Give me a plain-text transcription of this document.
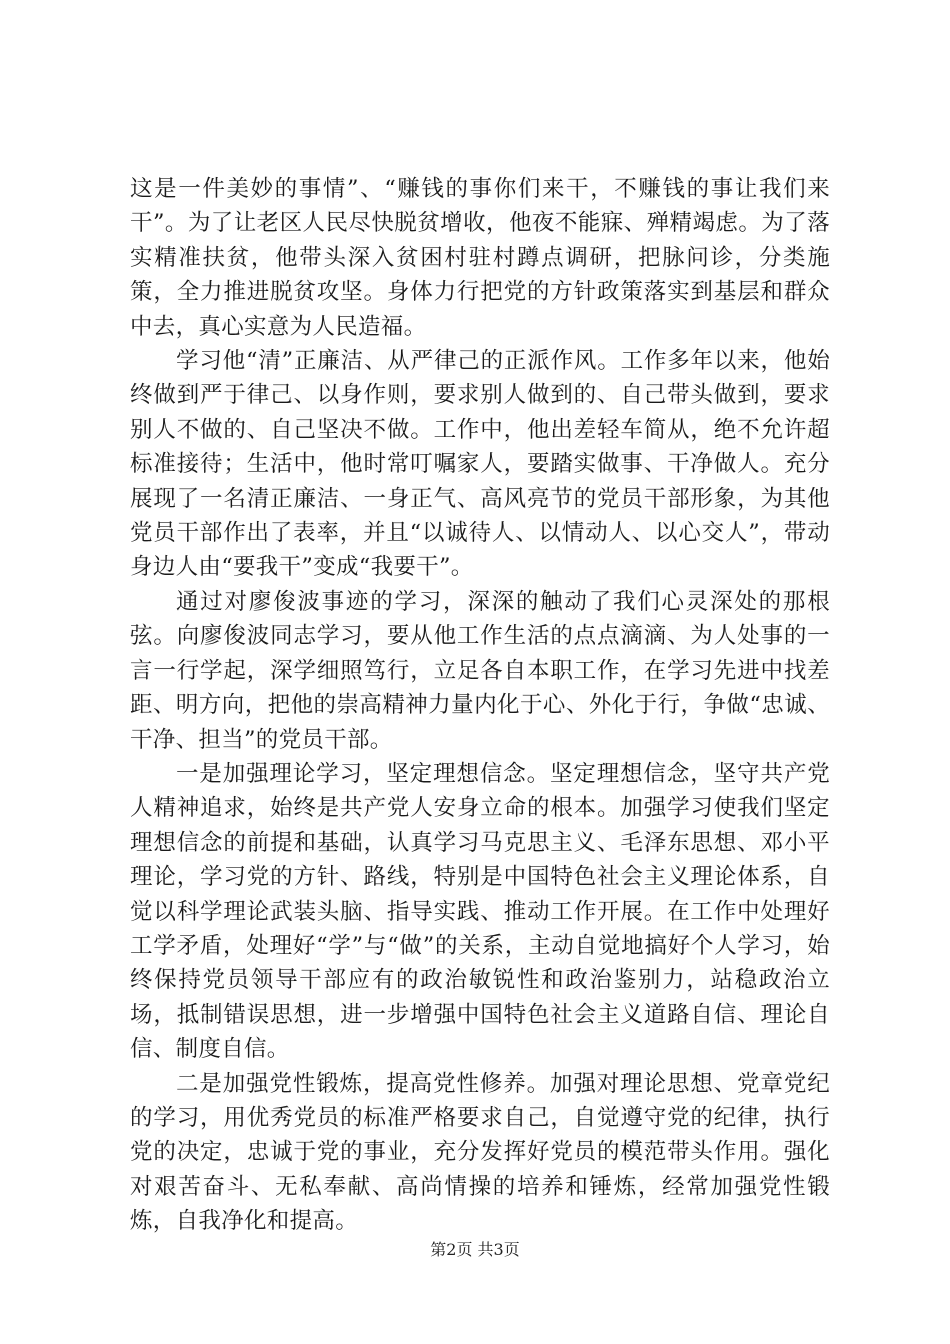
这是一件美妙的事情”、“赚钱的事你们来干，不赚钱的事让我们来干”。为了让老区人民尽快脱贫增收，他夜不能寐、殚精竭虑。为了落实精准扶贫，他带头深入贫困村驻村蹲点调研，把脉问诊，分类施策，全力推进脱贫攻坚。身体力行把党的方针政策落实到基层和群众中去，真心实意为人民造福。

学习他“清”正廉洁、从严律己的正派作风。工作多年以来，他始终做到严于律己、以身作则，要求别人做到的、自己带头做到，要求别人不做的、自己坚决不做。工作中，他出差轻车简从，绝不允许超标准接待；生活中，他时常叮嘱家人，要踏实做事、干净做人。充分展现了一名清正廉洁、一身正气、高风亮节的党员干部形象，为其他党员干部作出了表率，并且“以诚待人、以情动人、以心交人”，带动身边人由“要我干”变成“我要干”。

通过对廖俊波事迹的学习，深深的触动了我们心灵深处的那根弦。向廖俊波同志学习，要从他工作生活的点点滴滴、为人处事的一言一行学起，深学细照笃行，立足各自本职工作，在学习先进中找差距、明方向，把他的崇高精神力量内化于心、外化于行，争做“忠诚、干净、担当”的党员干部。

一是加强理论学习，坚定理想信念。坚定理想信念，坚守共产党人精神追求，始终是共产党人安身立命的根本。加强学习使我们坚定理想信念的前提和基础，认真学习马克思主义、毛泽东思想、邓小平理论，学习党的方针、路线，特别是中国特色社会主义理论体系，自觉以科学理论武装头脑、指导实践、推动工作开展。在工作中处理好工学矛盾，处理好“学”与“做”的关系，主动自觉地搞好个人学习，始终保持党员领导干部应有的政治敏锐性和政治鉴别力，站稳政治立场，抵制错误思想，进一步增强中国特色社会主义道路自信、理论自信、制度自信。

二是加强党性锻炼，提高党性修养。加强对理论思想、党章党纪的学习，用优秀党员的标准严格要求自己，自觉遵守党的纪律，执行党的决定，忠诚于党的事业，充分发挥好党员的模范带头作用。强化对艰苦奋斗、无私奉献、高尚情操的培养和锤炼，经常加强党性锻炼，自我净化和提高。

第2页 共3页
